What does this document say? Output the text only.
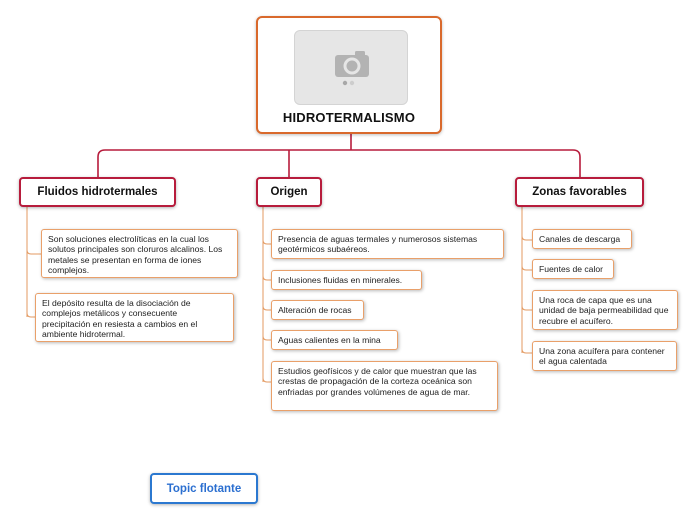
HIDROTERMALISMO
Fluidos hidrotermales	Origen	Zonas favorables
Son soluciones electrolíticas en la cual los solutos principales son cloruros alcalinos. Los metales se presentan en forma de iones complejos.
El depósito resulta de la disociación de complejos metálicos y consecuente precipitación en resiesta a cambios en el ambiente hidrotermal.
Presencia de aguas termales y numerosos sistemas geotérmicos subaéreos.
Inclusiones fluidas en minerales.
Alteración de rocas
Aguas calientes en la mina
Estudios geofísicos y de calor que muestran que las crestas de propagación de la corteza oceánica son enfriadas por grandes volúmenes de agua de mar.
Canales de descarga
Fuentes de calor
Una roca de capa que es una unidad de baja permeabilidad que recubre el acuífero.
Una zona acuífera para contener el agua calentada
Topic flotante
